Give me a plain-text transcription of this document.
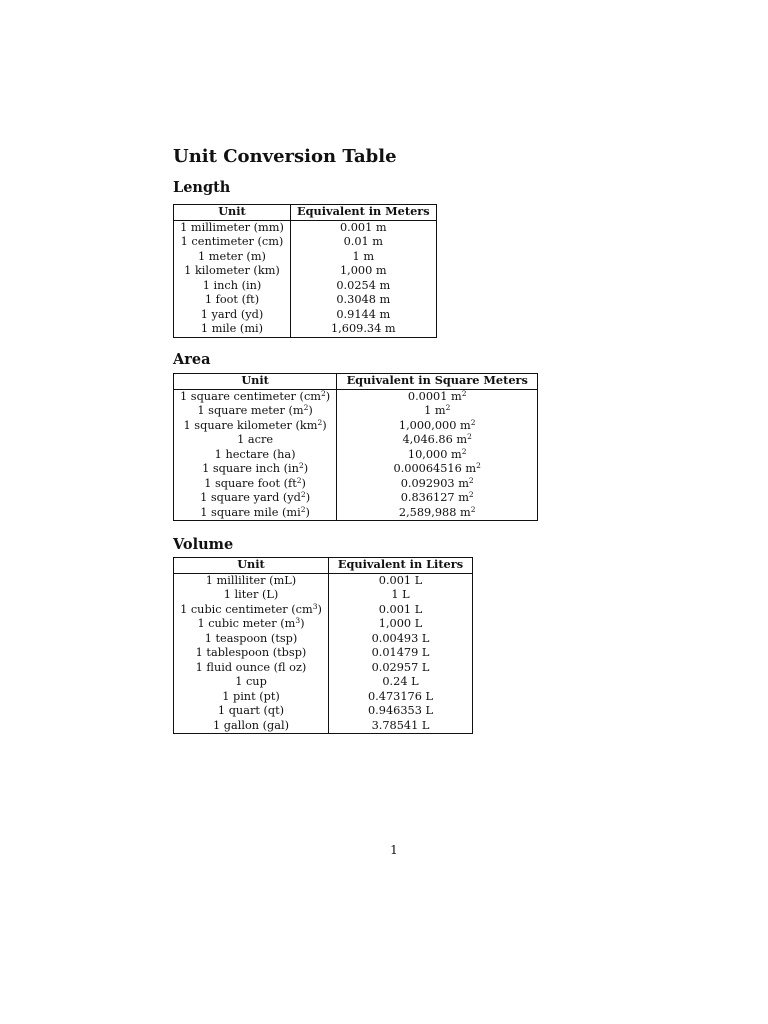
Unit Conversion Table
Length
Unit	Equivalent in Meters
1 millimeter (mm)	0.001 m
1 centimeter (cm)	0.01 m
1 meter (m)	1 m
1 kilometer (km)	1,000 m
1 inch (in)	0.0254 m
1 foot (ft)	0.3048 m
1 yard (yd)	0.9144 m
1 mile (mi)	1,609.34 m
Area
Unit	Equivalent in Square Meters
1 square centimeter $(cm^2)$	0.0001 $m^2$
1 square meter $(m^2)$	1 $m^2$
1 square kilometer $(km^2)$	1,000,000 $m^2$
1 acre	4,046.86 $m^2$
1 hectare (ha)	10,000 $m^2$
1 square inch $(in^2)$	0.00064516 $m^2$
1 square foot $(ft^2)$	0.092903 $m^2$
1 square yard $(yd^2)$	0.836127 $m^2$
1 square mile $(mi^2)$	2,589,988 $m^2$
Volume
Unit	Equivalent in Liters
1 milliliter (mL)	0.001 L
1 liter (L)	1 L
1 cubic centimeter $(cm^3)$	0.001 L
1 cubic meter $(m^3)$	1,000 L
1 teaspoon (tsp)	0.00493 L
1 tablespoon (tbsp)	0.01479 L
1 fluid ounce (fl oz)	0.02957 L
1 cup	0.24 L
1 pint (pt)	0.473176 L
1 quart (qt)	0.946353 L
1 gallon (gal)	3.78541 L
1
